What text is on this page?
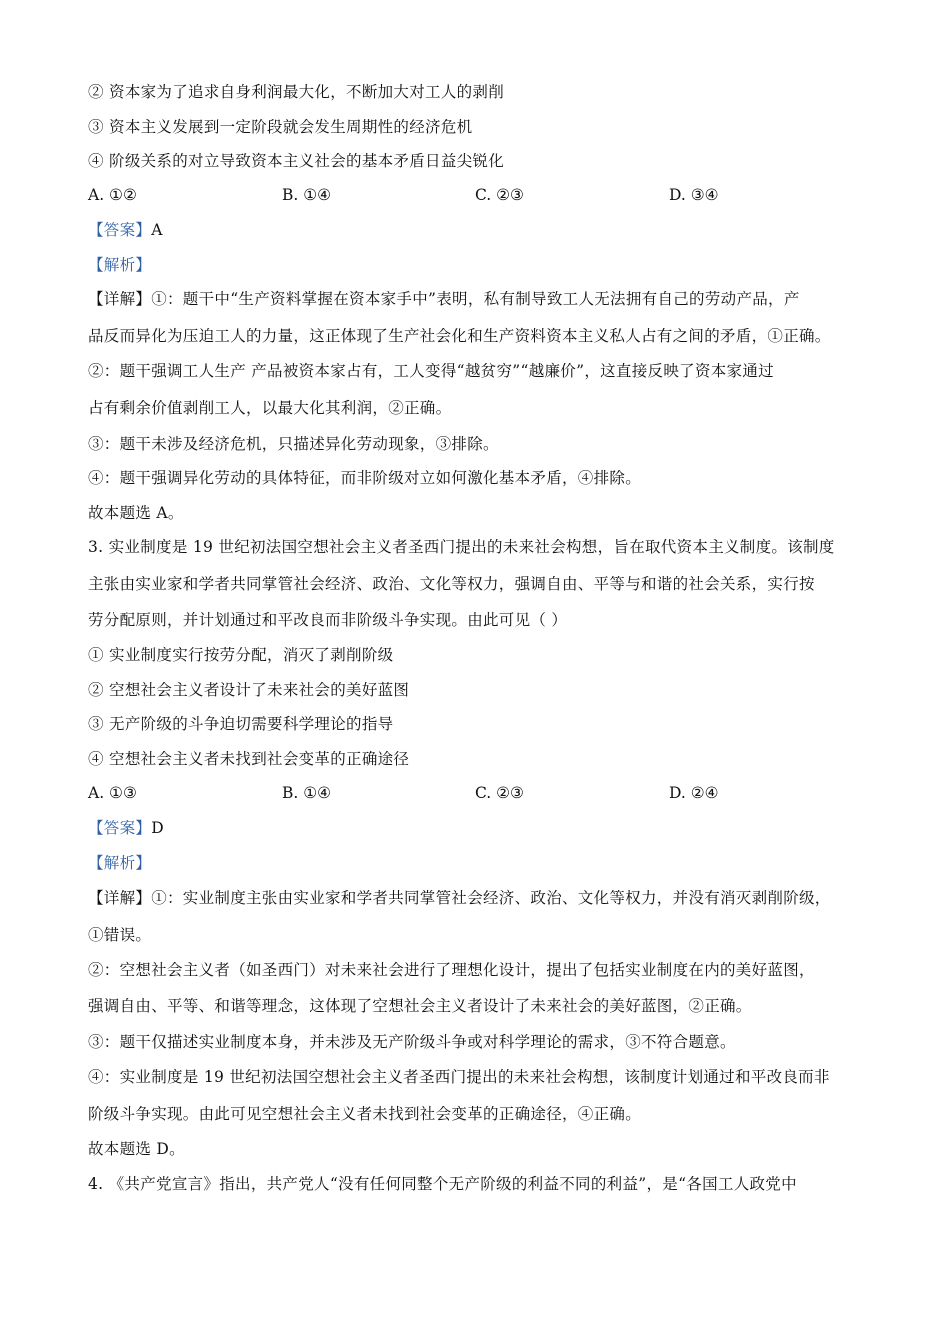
② 资本家为了追求自身利润最大化，不断加大对工人的剥削
③ 资本主义发展到一定阶段就会发生周期性的经济危机
④ 阶级关系的对立导致资本主义社会的基本矛盾日益尖锐化
A. ①②	B. ①④	C. ②③	D. ③④
【答案】A
【解析】
【详解】①：题干中“生产资料掌握在资本家手中”表明，私有制导致工人无法拥有自己的劳动产品，产
品反而异化为压迫工人的力量，这正体现了生产社会化和生产资料资本主义私人占有之间的矛盾，①正确。
②：题干强调工人生产 产品被资本家占有，工人变得“越贫穷”“越廉价”，这直接反映了资本家通过
占有剩余价值剥削工人，以最大化其利润，②正确。
③：题干未涉及经济危机，只描述异化劳动现象，③排除。
④：题干强调异化劳动的具体特征，而非阶级对立如何激化基本矛盾，④排除。
故本题选 A。
3. 实业制度是 19 世纪初法国空想社会主义者圣西门提出的未来社会构想，旨在取代资本主义制度。该制度
主张由实业家和学者共同掌管社会经济、政治、文化等权力，强调自由、平等与和谐的社会关系，实行按
劳分配原则，并计划通过和平改良而非阶级斗争实现。由此可见（ ）
① 实业制度实行按劳分配，消灭了剥削阶级
② 空想社会主义者设计了未来社会的美好蓝图
③ 无产阶级的斗争迫切需要科学理论的指导
④ 空想社会主义者未找到社会变革的正确途径
A. ①③	B. ①④	C. ②③	D. ②④
【答案】D
【解析】
【详解】①：实业制度主张由实业家和学者共同掌管社会经济、政治、文化等权力，并没有消灭剥削阶级，
①错误。
②：空想社会主义者（如圣西门）对未来社会进行了理想化设计，提出了包括实业制度在内的美好蓝图，
强调自由、平等、和谐等理念，这体现了空想社会主义者设计了未来社会的美好蓝图，②正确。
③：题干仅描述实业制度本身，并未涉及无产阶级斗争或对科学理论的需求，③不符合题意。
④：实业制度是 19 世纪初法国空想社会主义者圣西门提出的未来社会构想，该制度计划通过和平改良而非
阶级斗争实现。由此可见空想社会主义者未找到社会变革的正确途径，④正确。
故本题选 D。
4. 《共产党宣言》指出，共产党人“没有任何同整个无产阶级的利益不同的利益”，是“各国工人政党中
